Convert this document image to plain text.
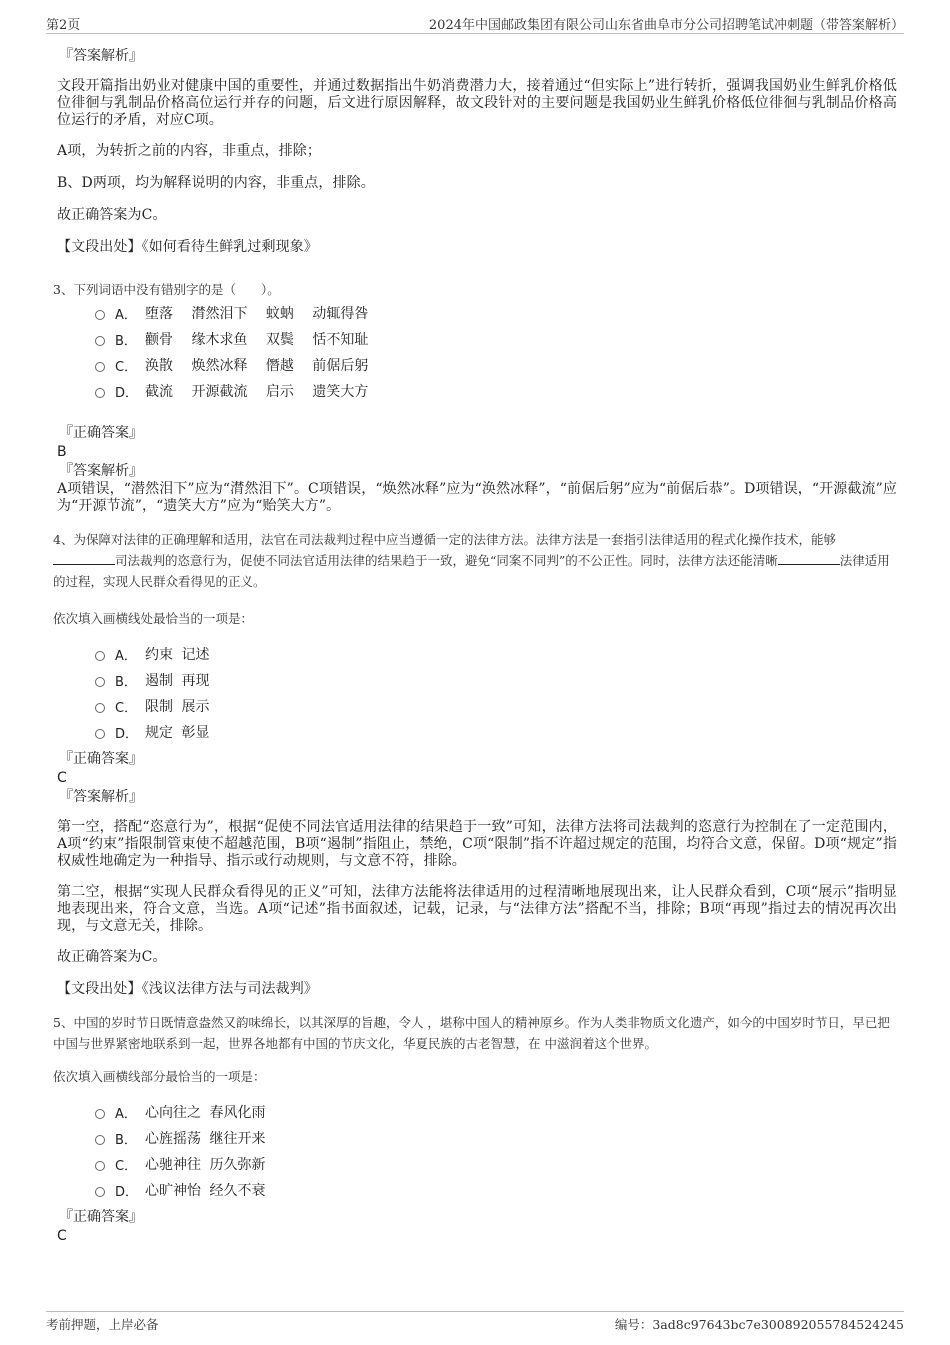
第2页	2024年中国邮政集团有限公司山东省曲阜市分公司招聘笔试冲刺题（带答案解析）
『答案解析』
文段开篇指出奶业对健康中国的重要性，并通过数据指出牛奶消费潜力大，接着通过“但实际上”进行转折，强调我国奶业生鲜乳价格低位徘徊与乳制品价格高位运行并存的问题，后文进行原因解释，故文段针对的主要问题是我国奶业生鲜乳价格低位徘徊与乳制品价格高位运行的矛盾，对应C项。
A项，为转折之前的内容，非重点，排除；
B、D两项，均为解释说明的内容，非重点，排除。
故正确答案为C。
【文段出处】《如何看待生鲜乳过剩现象》
3、下列词语中没有错别字的是（　　）。
A． 堕落 潸然泪下 蚊蚋 动辄得咎
B． 颧骨 缘木求鱼 双鬓 恬不知耻
C． 涣散 焕然冰释 僭越 前倨后躬
D． 截流 开源截流 启示 遗笑大方
『正确答案』
B
『答案解析』
A项错误，“潜然泪下”应为“潸然泪下”。C项错误，“焕然冰释”应为“涣然冰释”，“前倨后躬”应为“前倨后恭”。D项错误，“开源截流”应为“开源节流”，“遗笑大方”应为“贻笑大方”。
4、为保障对法律的正确理解和适用，法官在司法裁判过程中应当遵循一定的法律方法。法律方法是一套指引法律适用的程式化操作技术，能够司法裁判的恣意行为，促使不同法官适用法律的结果趋于一致，避免“同案不同判”的不公正性。同时，法律方法还能清晰	法律适用的过程，实现人民群众看得见的正义。
依次填入画横线处最恰当的一项是：
A． 约束 记述
B． 遏制 再现
C． 限制 展示
D． 规定 彰显
『正确答案』
C
『答案解析』
第一空，搭配“恣意行为”，根据“促使不同法官适用法律的结果趋于一致”可知，法律方法将司法裁判的恣意行为控制在了一定范围内，A项“约束”指限制管束使不超越范围，B项“遏制”指阻止，禁绝，C项“限制”指不许超过规定的范围，均符合文意，保留。D项“规定”指权威性地确定为一种指导、指示或行动规则，与文意不符，排除。
第二空，根据“实现人民群众看得见的正义”可知，法律方法能将法律适用的过程清晰地展现出来，让人民群众看到，C项“展示”指明显地表现出来，符合文意，当选。A项“记述”指书面叙述，记载，记录，与“法律方法”搭配不当，排除；B项“再现”指过去的情况再次出现，与文意无关，排除。
故正确答案为C。
【文段出处】《浅议法律方法与司法裁判》
5、中国的岁时节日既情意盎然又韵味绵长，以其深厚的旨趣，令人 ，堪称中国人的精神原乡。作为人类非物质文化遗产，如今的中国岁时节日，早已把中国与世界紧密地联系到一起，世界各地都有中国的节庆文化，华夏民族的古老智慧，在 中滋润着这个世界。
依次填入画横线部分最恰当的一项是：
A． 心向往之 春风化雨
B． 心旌摇荡 继往开来
C． 心驰神往 历久弥新
D． 心旷神怡 经久不衰
『正确答案』
C
考前押题，上岸必备	编号：3ad8c97643bc7e300892055784524245
